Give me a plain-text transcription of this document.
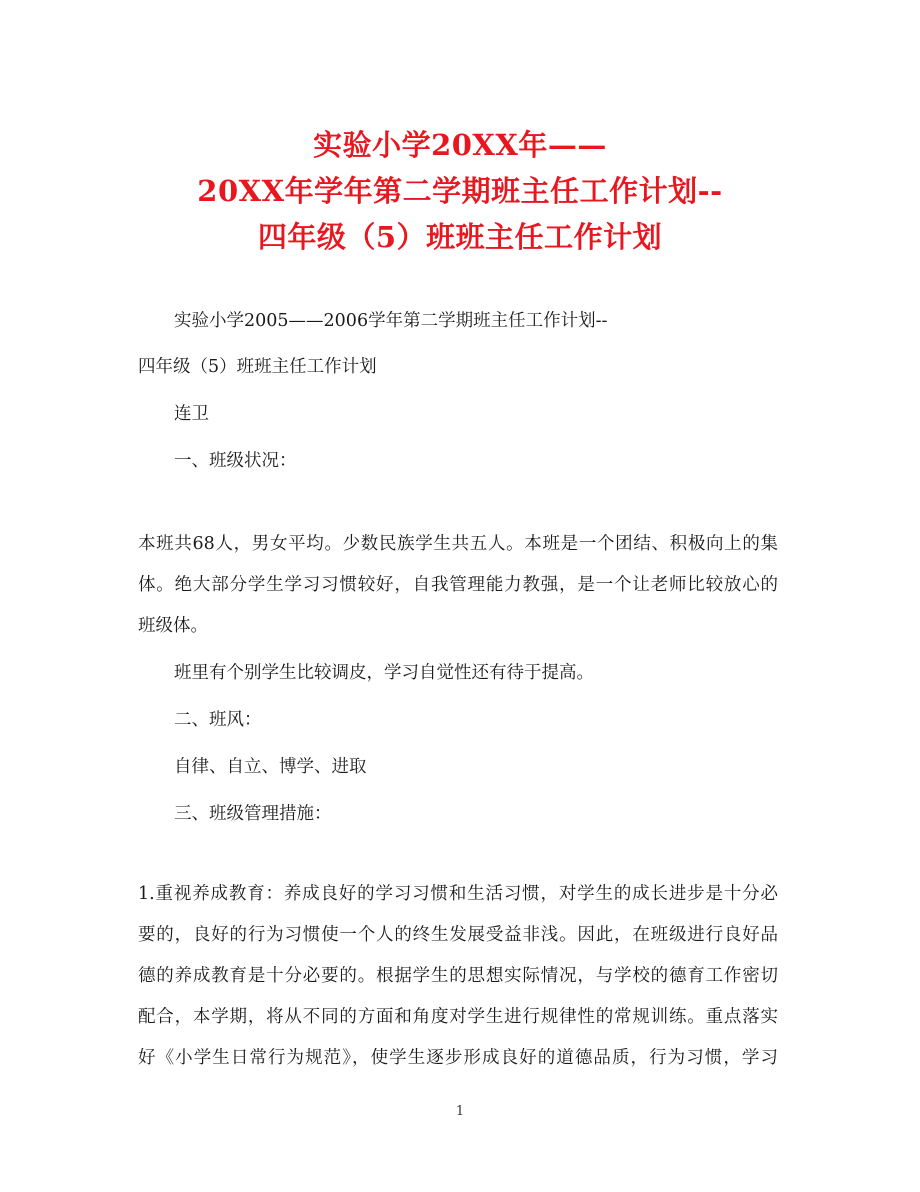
实验小学20XX年——
20XX年学年第二学期班主任工作计划--
四年级（5）班班主任工作计划
实验小学2005——2006学年第二学期班主任工作计划--
四年级（5）班班主任工作计划
连卫
一、班级状况：
本班共68人，男女平均。少数民族学生共五人。本班是一个团结、积极向上的集
体。绝大部分学生学习习惯较好，自我管理能力教强，是一个让老师比较放心的
班级体。
班里有个别学生比较调皮，学习自觉性还有待于提高。
二、班风：
自律、自立、博学、进取
三、班级管理措施：
1.重视养成教育：养成良好的学习习惯和生活习惯，对学生的成长进步是十分必
要的，良好的行为习惯使一个人的终生发展受益非浅。因此，在班级进行良好品
德的养成教育是十分必要的。根据学生的思想实际情况，与学校的德育工作密切
配合，本学期，将从不同的方面和角度对学生进行规律性的常规训练。重点落实
好《小学生日常行为规范》，使学生逐步形成良好的道德品质，行为习惯，学习
1
